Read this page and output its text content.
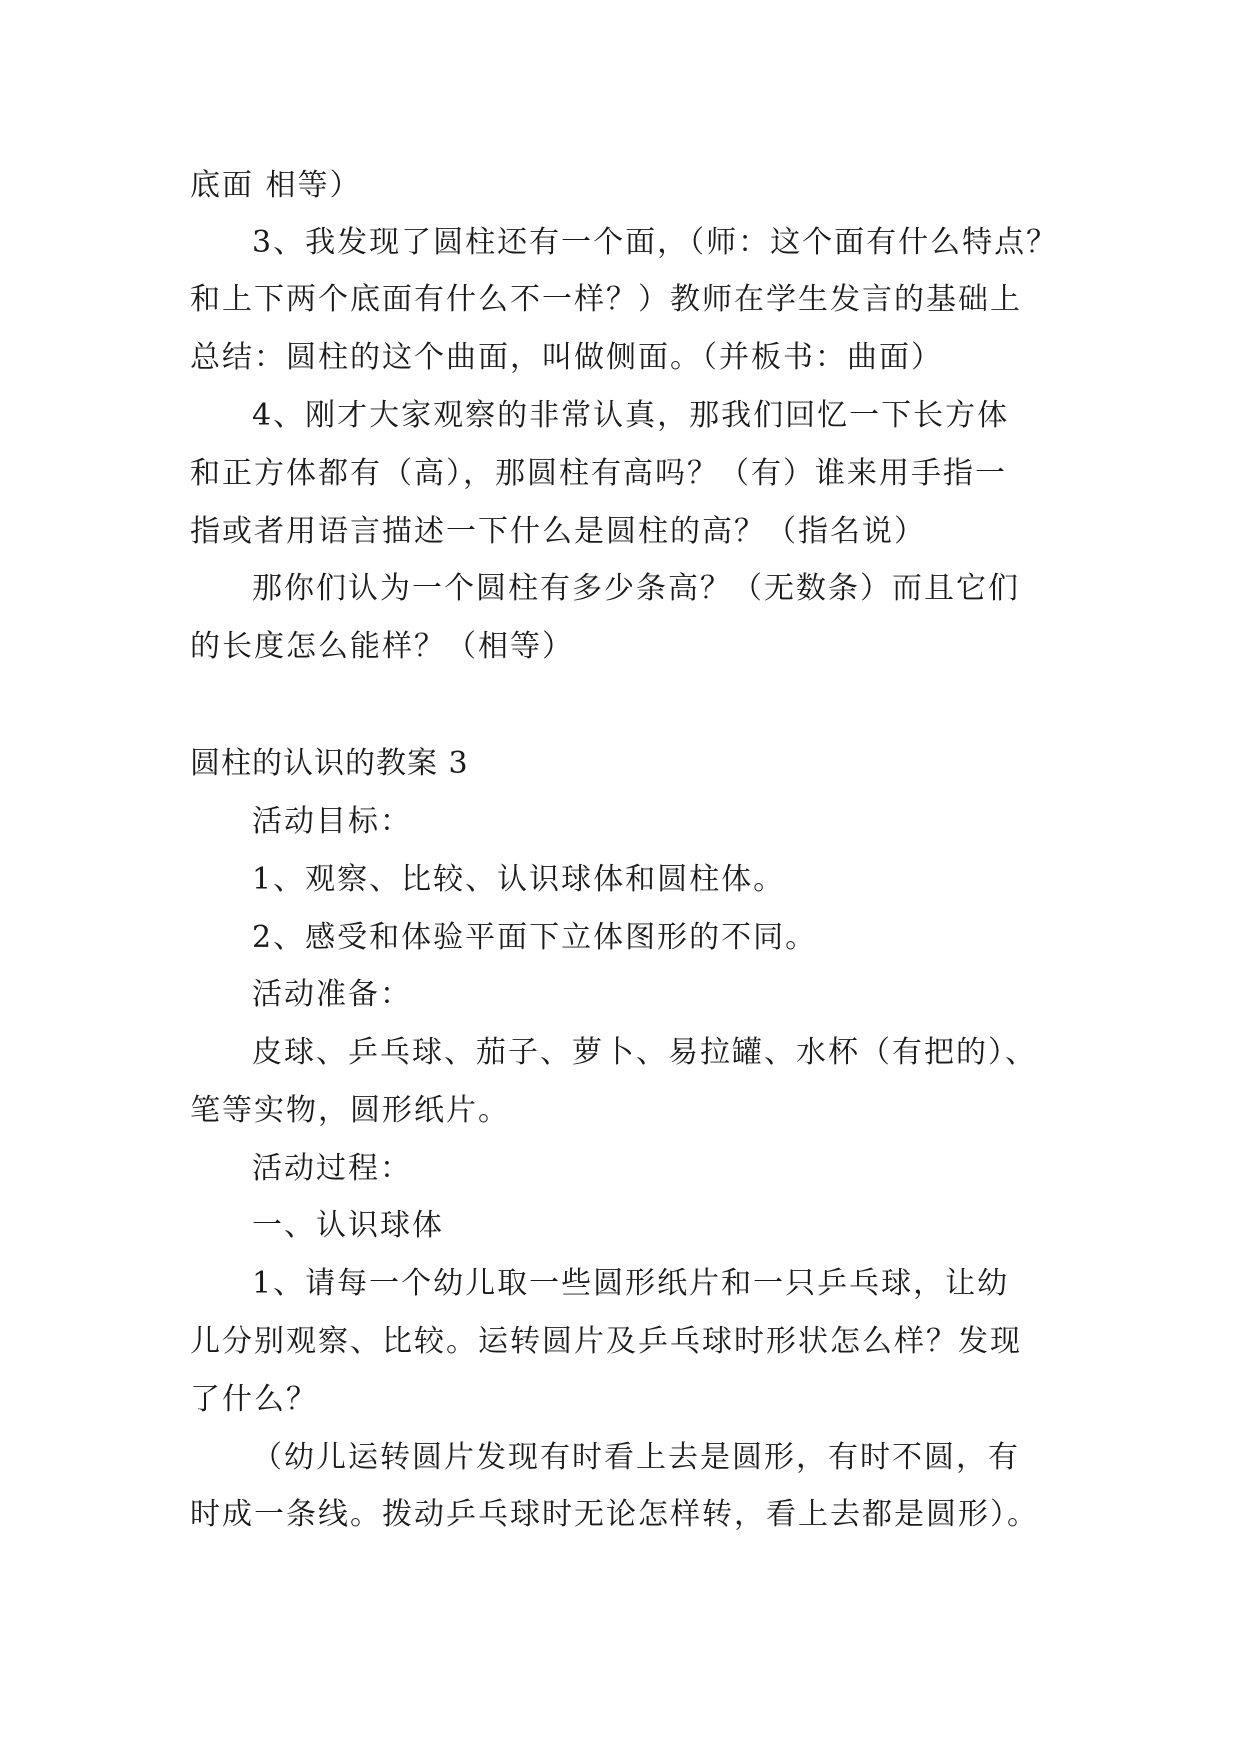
底面 相等）
3、我发现了圆柱还有一个面，（师：这个面有什么特点？
和上下两个底面有什么不一样？）教师在学生发言的基础上
总结：圆柱的这个曲面，叫做侧面。（并板书：曲面）
4、刚才大家观察的非常认真，那我们回忆一下长方体
和正方体都有（高），那圆柱有高吗？（有）谁来用手指一
指或者用语言描述一下什么是圆柱的高？（指名说）
那你们认为一个圆柱有多少条高？（无数条）而且它们
的长度怎么能样？（相等）
圆柱的认识的教案 3
活动目标：
1、观察、比较、认识球体和圆柱体。
2、感受和体验平面下立体图形的不同。
活动准备：
皮球、乒乓球、茄子、萝卜、易拉罐、水杯（有把的）、
笔等实物，圆形纸片。
活动过程：
一、认识球体
1、请每一个幼儿取一些圆形纸片和一只乒乓球，让幼
儿分别观察、比较。运转圆片及乒乓球时形状怎么样？发现
了什么？
（幼儿运转圆片发现有时看上去是圆形，有时不圆，有
时成一条线。拨动乒乓球时无论怎样转，看上去都是圆形）。
